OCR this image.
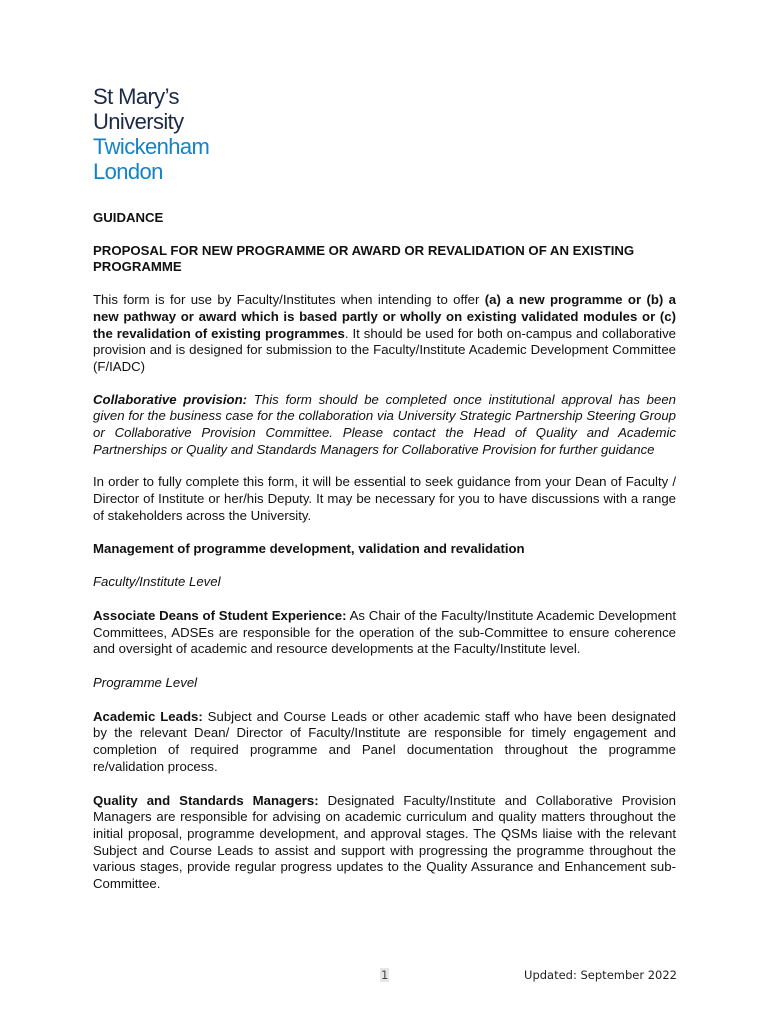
St Mary’s
University
Twickenham
London

GUIDANCE

PROPOSAL FOR NEW PROGRAMME OR AWARD OR REVALIDATION OF AN EXISTING PROGRAMME

This form is for use by Faculty/Institutes when intending to offer (a) a new programme or (b) a new pathway or award which is based partly or wholly on existing validated modules or (c) the revalidation of existing programmes. It should be used for both on-campus and collaborative provision and is designed for submission to the Faculty/Institute Academic Development Committee (F/IADC)

Collaborative provision: This form should be completed once institutional approval has been given for the business case for the collaboration via University Strategic Partnership Steering Group or Collaborative Provision Committee. Please contact the Head of Quality and Academic Partnerships or Quality and Standards Managers for Collaborative Provision for further guidance

In order to fully complete this form, it will be essential to seek guidance from your Dean of Faculty / Director of Institute or her/his Deputy. It may be necessary for you to have discussions with a range of stakeholders across the University.

Management of programme development, validation and revalidation

Faculty/Institute Level

Associate Deans of Student Experience: As Chair of the Faculty/Institute Academic Development Committees, ADSEs are responsible for the operation of the sub-Committee to ensure coherence and oversight of academic and resource developments at the Faculty/Institute level.

Programme Level

Academic Leads: Subject and Course Leads or other academic staff who have been designated by the relevant Dean/ Director of Faculty/Institute are responsible for timely engagement and completion of required programme and Panel documentation throughout the programme re/validation process.

Quality and Standards Managers: Designated Faculty/Institute and Collaborative Provision Managers are responsible for advising on academic curriculum and quality matters throughout the initial proposal, programme development, and approval stages. The QSMs liaise with the relevant Subject and Course Leads to assist and support with progressing the programme throughout the various stages, provide regular progress updates to the Quality Assurance and Enhancement sub-Committee.

1	Updated: September 2022
